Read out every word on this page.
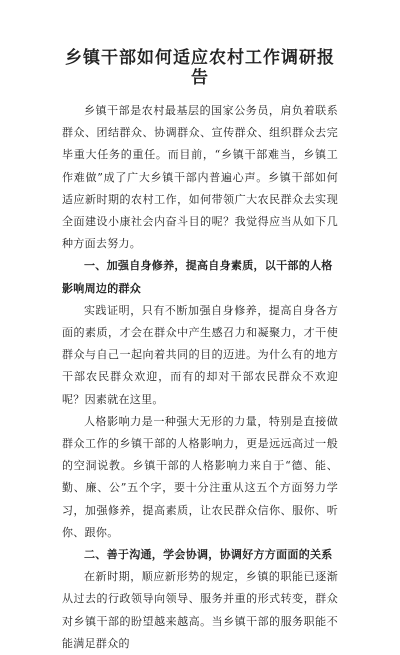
乡镇干部如何适应农村工作调研报告

乡镇干部是农村最基层的国家公务员，肩负着联系群众、团结群众、协调群众、宣传群众、组织群众去完毕重大任务的重任。而目前，“乡镇干部难当，乡镇工作难做”成了广大乡镇干部内普遍心声。乡镇干部如何适应新时期的农村工作，如何带领广大农民群众去实现全面建设小康社会内奋斗目的呢？我觉得应当从如下几种方面去努力。

一、加强自身修养，提高自身素质，以干部的人格影响周边的群众

实践证明，只有不断加强自身修养，提高自身各方面的素质，才会在群众中产生感召力和凝聚力，才干使群众与自己一起向着共同的目的迈进。为什么有的地方干部农民群众欢迎，而有的却对干部农民群众不欢迎呢？因素就在这里。

人格影响力是一种强大无形的力量，特别是直接做群众工作的乡镇干部的人格影响力，更是远远高过一般的空洞说教。乡镇干部的人格影响力来自于“德、能、勤、廉、公”五个字，要十分注重从这五个方面努力学习，加强修养，提高素质，让农民群众信你、服你、听你、跟你。

二、善于沟通，学会协调，协调好方方面面的关系

在新时期，顺应新形势的规定，乡镇的职能已逐渐从过去的行政领导向领导、服务并重的形式转变，群众对乡镇干部的盼望越来越高。当乡镇干部的服务职能不能满足群众的
